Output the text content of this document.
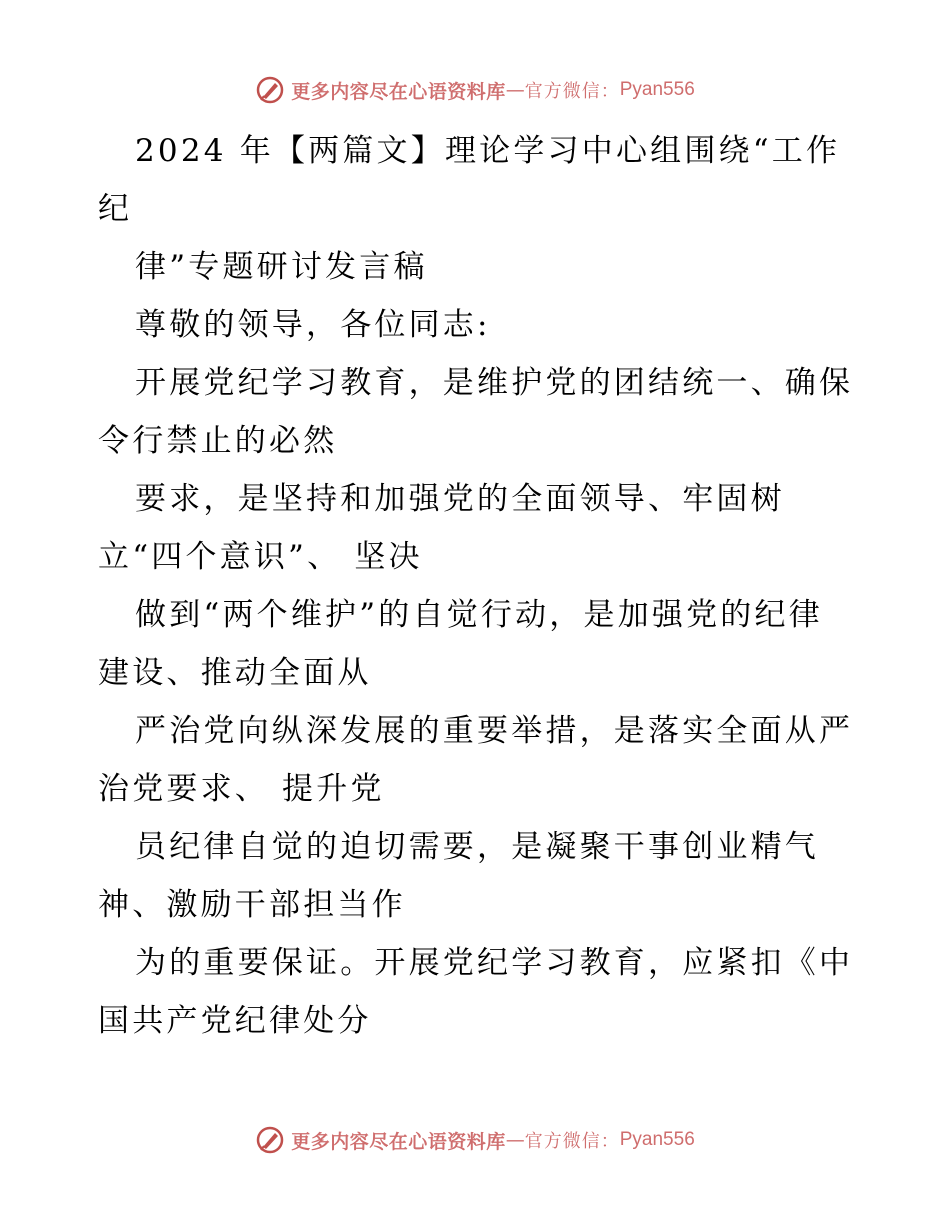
更多内容尽在心语资料库 — 官方微信： Pyan556
2024 年【两篇文】理论学习中心组围绕“工作
纪
律”专题研讨发言稿
尊敬的领导，各位同志:
开展党纪学习教育，是维护党的团结统一、确保
令行禁止的必然
要求，是坚持和加强党的全面领导、牢固树
立“四个意识”、 坚决
做到“两个维护”的自觉行动，是加强党的纪律
建设、推动全面从
严治党向纵深发展的重要举措，是落实全面从严
治党要求、 提升党
员纪律自觉的迫切需要，是凝聚干事创业精气
神、激励干部担当作
为的重要保证。开展党纪学习教育，应紧扣《中
国共产党纪律处分
更多内容尽在心语资料库 — 官方微信： Pyan556
